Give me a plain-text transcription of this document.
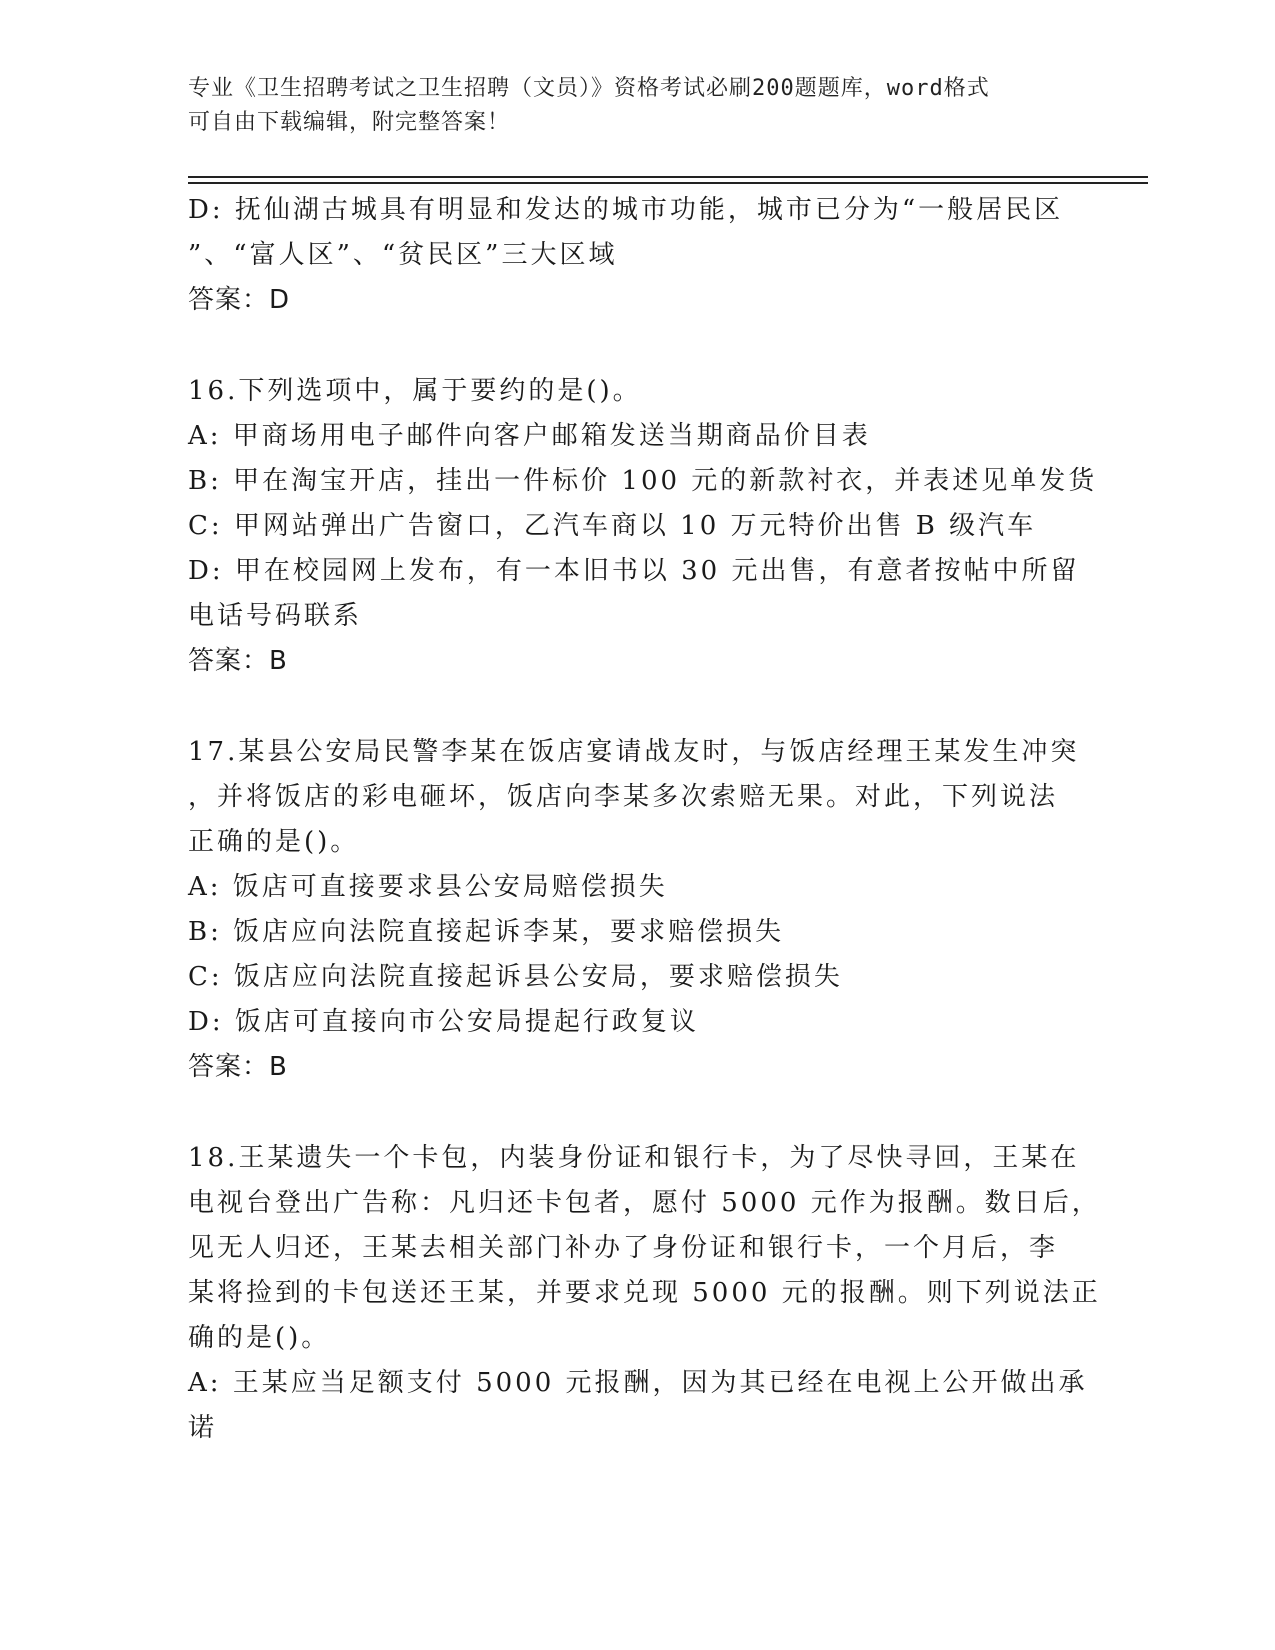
专业《卫生招聘考试之卫生招聘（文员）》资格考试必刷200题题库，word格式
可自由下载编辑，附完整答案！
D: 抚仙湖古城具有明显和发达的城市功能，城市已分为“一般居民区
”、“富人区”、“贫民区”三大区域
答案：D
16.下列选项中，属于要约的是()。
A: 甲商场用电子邮件向客户邮箱发送当期商品价目表
B: 甲在淘宝开店，挂出一件标价 100 元的新款衬衣，并表述见单发货
C: 甲网站弹出广告窗口，乙汽车商以 10 万元特价出售 B 级汽车
D: 甲在校园网上发布，有一本旧书以 30 元出售，有意者按帖中所留
电话号码联系
答案：B
17.某县公安局民警李某在饭店宴请战友时，与饭店经理王某发生冲突
，并将饭店的彩电砸坏，饭店向李某多次索赔无果。对此，下列说法
正确的是()。
A: 饭店可直接要求县公安局赔偿损失
B: 饭店应向法院直接起诉李某，要求赔偿损失
C: 饭店应向法院直接起诉县公安局，要求赔偿损失
D: 饭店可直接向市公安局提起行政复议
答案：B
18.王某遗失一个卡包，内装身份证和银行卡，为了尽快寻回，王某在
电视台登出广告称：凡归还卡包者，愿付 5000 元作为报酬。数日后，
见无人归还，王某去相关部门补办了身份证和银行卡，一个月后，李
某将捡到的卡包送还王某，并要求兑现 5000 元的报酬。则下列说法正
确的是()。
A: 王某应当足额支付 5000 元报酬，因为其已经在电视上公开做出承
诺
